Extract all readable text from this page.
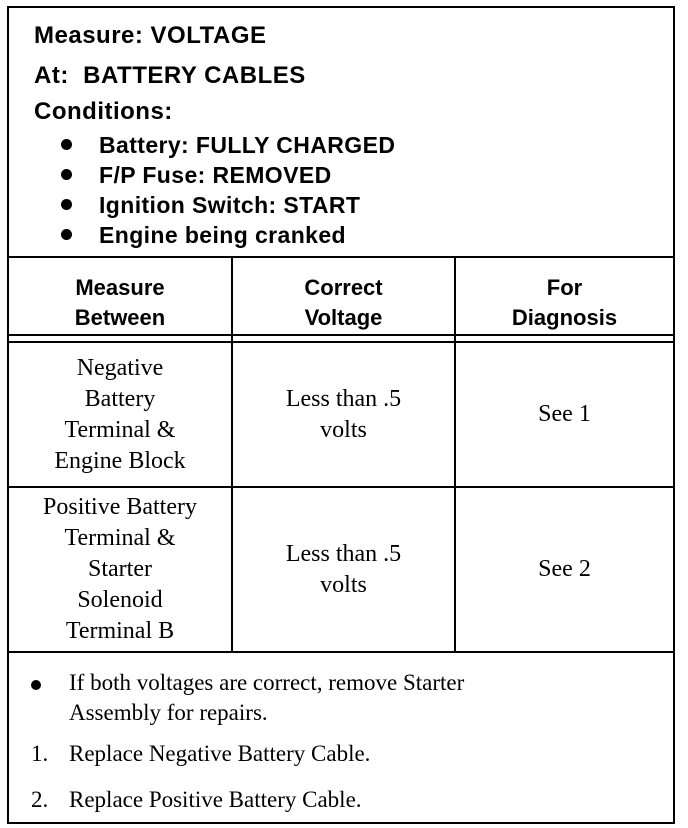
Measure: VOLTAGE
At: BATTERY CABLES
Conditions:
Battery: FULLY CHARGED
F/P Fuse: REMOVED
Ignition Switch: START
Engine being cranked
Measure
Between
Correct
Voltage
For
Diagnosis
Negative
Battery
Terminal &
Engine Block
Less than .5
volts
See 1
Positive Battery
Terminal &
Starter
Solenoid
Terminal B
Less than .5
volts
See 2
If both voltages are correct, remove Starter
Assembly for repairs.
1. Replace Negative Battery Cable.
2. Replace Positive Battery Cable.
